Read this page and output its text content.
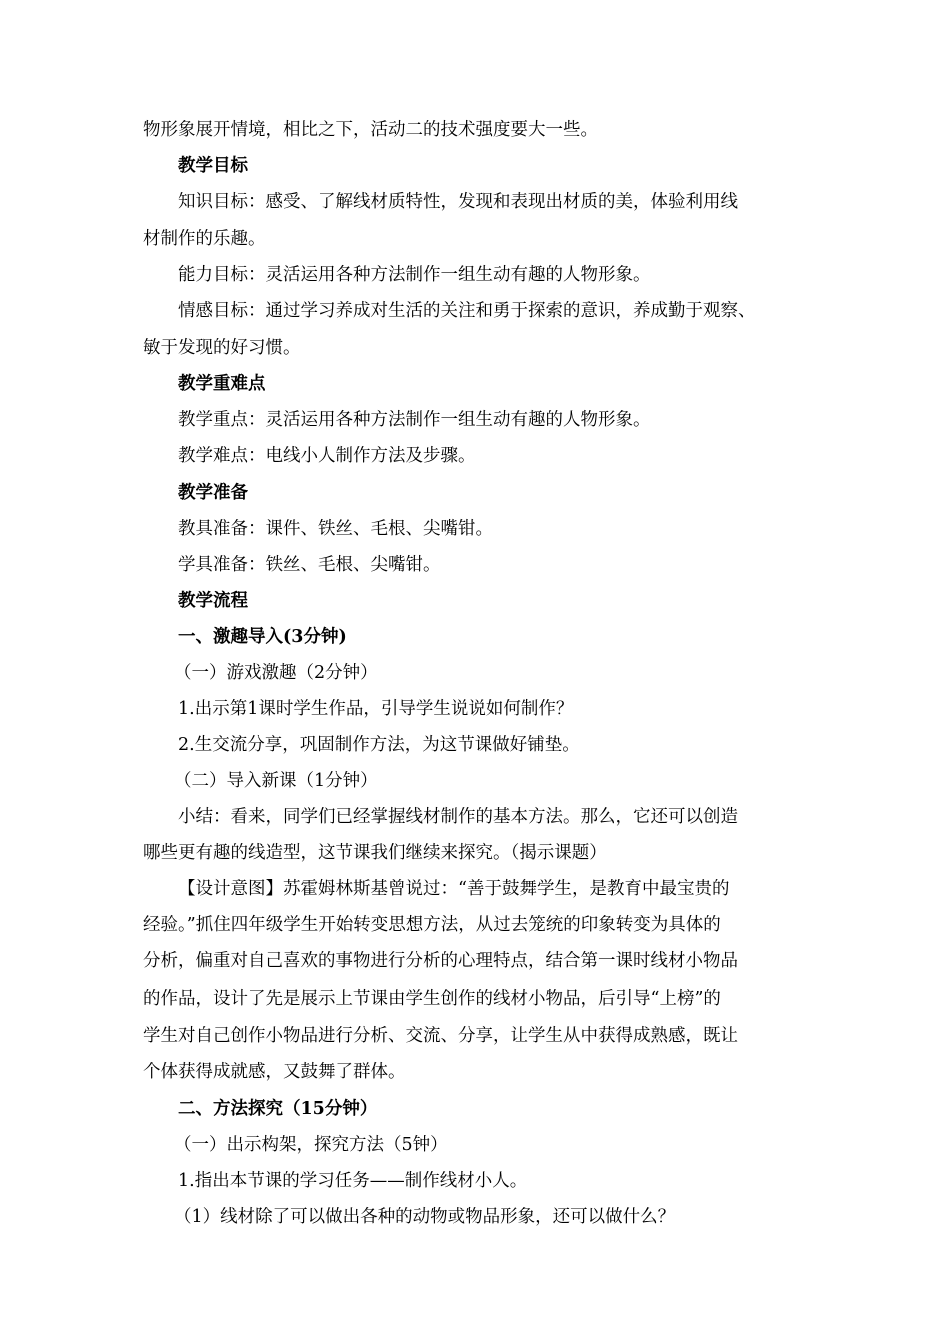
物形象展开情境，相比之下，活动二的技术强度要大一些。
教学目标
知识目标：感受、了解线材质特性，发现和表现出材质的美，体验利用线
材制作的乐趣。
能力目标：灵活运用各种方法制作一组生动有趣的人物形象。
情感目标：通过学习养成对生活的关注和勇于探索的意识，养成勤于观察、
敏于发现的好习惯。
教学重难点
教学重点：灵活运用各种方法制作一组生动有趣的人物形象。
教学难点：电线小人制作方法及步骤。
教学准备
教具准备：课件、铁丝、毛根、尖嘴钳。
学具准备：铁丝、毛根、尖嘴钳。
教学流程
一、激趣导入(3分钟)
（一）游戏激趣（2分钟）
1.出示第1课时学生作品，引导学生说说如何制作？
2.生交流分享，巩固制作方法，为这节课做好铺垫。
（二）导入新课（1分钟）
小结：看来，同学们已经掌握线材制作的基本方法。那么，它还可以创造
哪些更有趣的线造型，这节课我们继续来探究。（揭示课题）
【设计意图】苏霍姆林斯基曾说过：“善于鼓舞学生，是教育中最宝贵的
经验。”抓住四年级学生开始转变思想方法，从过去笼统的印象转变为具体的
分析，偏重对自己喜欢的事物进行分析的心理特点，结合第一课时线材小物品
的作品，设计了先是展示上节课由学生创作的线材小物品，后引导“上榜”的
学生对自己创作小物品进行分析、交流、分享，让学生从中获得成熟感，既让
个体获得成就感，又鼓舞了群体。
二、方法探究（15分钟）
（一）出示构架，探究方法（5钟）
1.指出本节课的学习任务——制作线材小人。
（1）线材除了可以做出各种的动物或物品形象，还可以做什么？
